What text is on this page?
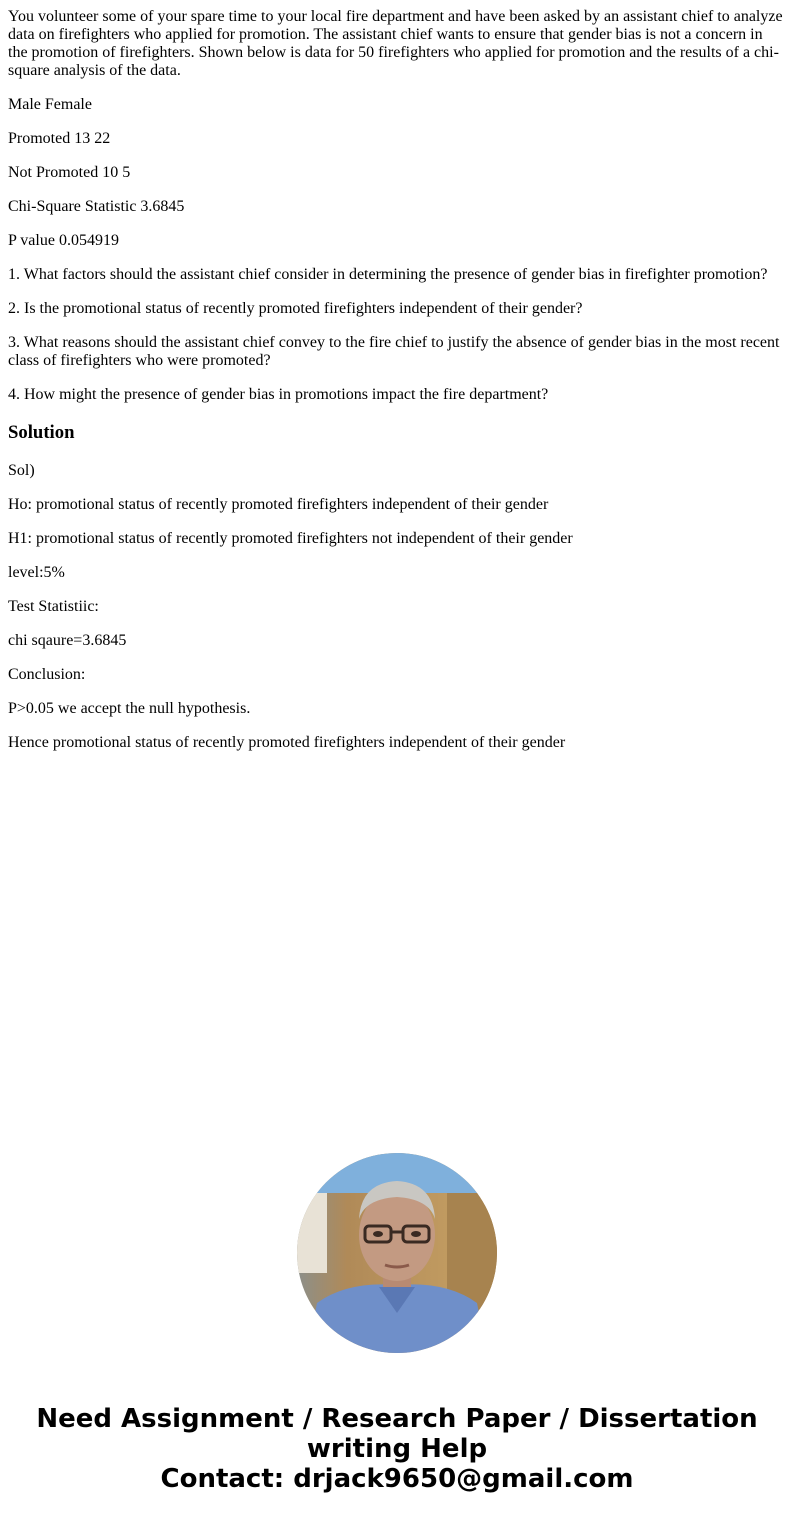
You volunteer some of your spare time to your local fire department and have been asked by an assistant chief to analyze data on firefighters who applied for promotion. The assistant chief wants to ensure that gender bias is not a concern in the promotion of firefighters. Shown below is data for 50 firefighters who applied for promotion and the results of a chi-square analysis of the data.

Male Female

Promoted 13 22

Not Promoted 10 5

Chi-Square Statistic 3.6845

P value 0.054919

1. What factors should the assistant chief consider in determining the presence of gender bias in firefighter promotion?

2. Is the promotional status of recently promoted firefighters independent of their gender?

3. What reasons should the assistant chief convey to the fire chief to justify the absence of gender bias in the most recent class of firefighters who were promoted?

4. How might the presence of gender bias in promotions impact the fire department?

Solution

Sol)

Ho: promotional status of recently promoted firefighters independent of their gender

H1: promotional status of recently promoted firefighters not independent of their gender

level:5%

Test Statistiic:

chi sqaure=3.6845

Conclusion:

P>0.05 we accept the null hypothesis.

Hence promotional status of recently promoted firefighters independent of their gender

Need Assignment / Research Paper / Dissertation
writing Help
Contact: drjack9650@gmail.com
